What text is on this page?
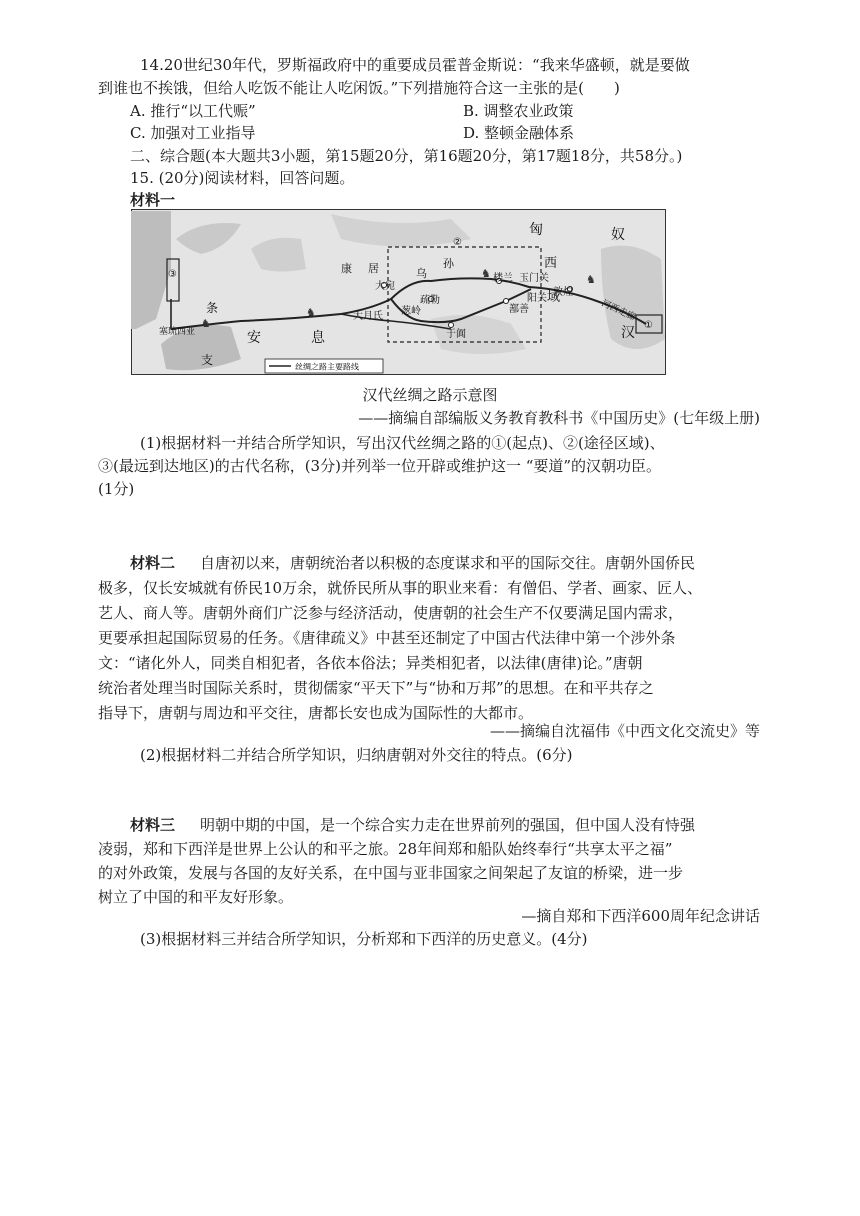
14.20世纪30年代，罗斯福政府中的重要成员霍普金斯说：“我来华盛顿，就是要做
到谁也不挨饿，但给人吃饭不能让人吃闲饭。”下列措施符合这一主张的是(　　)
A. 推行“以工代赈”	B. 调整农业政策
C. 加强对工业指导	D. 整顿金融体系
二、综合题(本大题共3小题，第15题20分，第16题20分，第17题18分，共58分。)
15. (20分)阅读材料，回答问题。
材料一
♞
♞
♞	♞
匈	奴
康 居	乌
孙
大宛
楼兰 玉门关
西
域
敦煌
河西走廊
疏勒
葱岭	鄯善
阳关
于阗
大月氏
条
安	息
支
塞琉西亚	汉 ①
②
③
丝绸之路主要路线
汉代丝绸之路示意图
——摘编自部编版义务教育教科书《中国历史》(七年级上册)
(1)根据材料一并结合所学知识，写出汉代丝绸之路的①(起点)、②(途径区域)、
③(最远到达地区)的古代名称，(3分)并列举一位开辟或维护这一 “要道”的汉朝功臣。
(1分)
材料二 自唐初以来，唐朝统治者以积极的态度谋求和平的国际交往。唐朝外国侨民
极多，仅长安城就有侨民10万余，就侨民所从事的职业来看：有僧侣、学者、画家、匠人、
艺人、商人等。唐朝外商们广泛参与经济活动，使唐朝的社会生产不仅要满足国内需求，
更要承担起国际贸易的任务。《唐律疏义》中甚至还制定了中国古代法律中第一个涉外条
文：“诸化外人，同类自相犯者，各依本俗法；异类相犯者，以法律(唐律)论。”唐朝
统治者处理当时国际关系时，贯彻儒家“平天下”与“协和万邦”的思想。在和平共存之
指导下，唐朝与周边和平交往，唐都长安也成为国际性的大都市。
——摘编自沈福伟《中西文化交流史》等
(2)根据材料二并结合所学知识，归纳唐朝对外交往的特点。(6分)
材料三 明朝中期的中国，是一个综合实力走在世界前列的强国，但中国人没有恃强
凌弱，郑和下西洋是世界上公认的和平之旅。28年间郑和船队始终奉行“共享太平之福”
的对外政策，发展与各国的友好关系，在中国与亚非国家之间架起了友谊的桥梁，进一步
树立了中国的和平友好形象。
—摘自郑和下西洋600周年纪念讲话
(3)根据材料三并结合所学知识，分析郑和下西洋的历史意义。(4分)
